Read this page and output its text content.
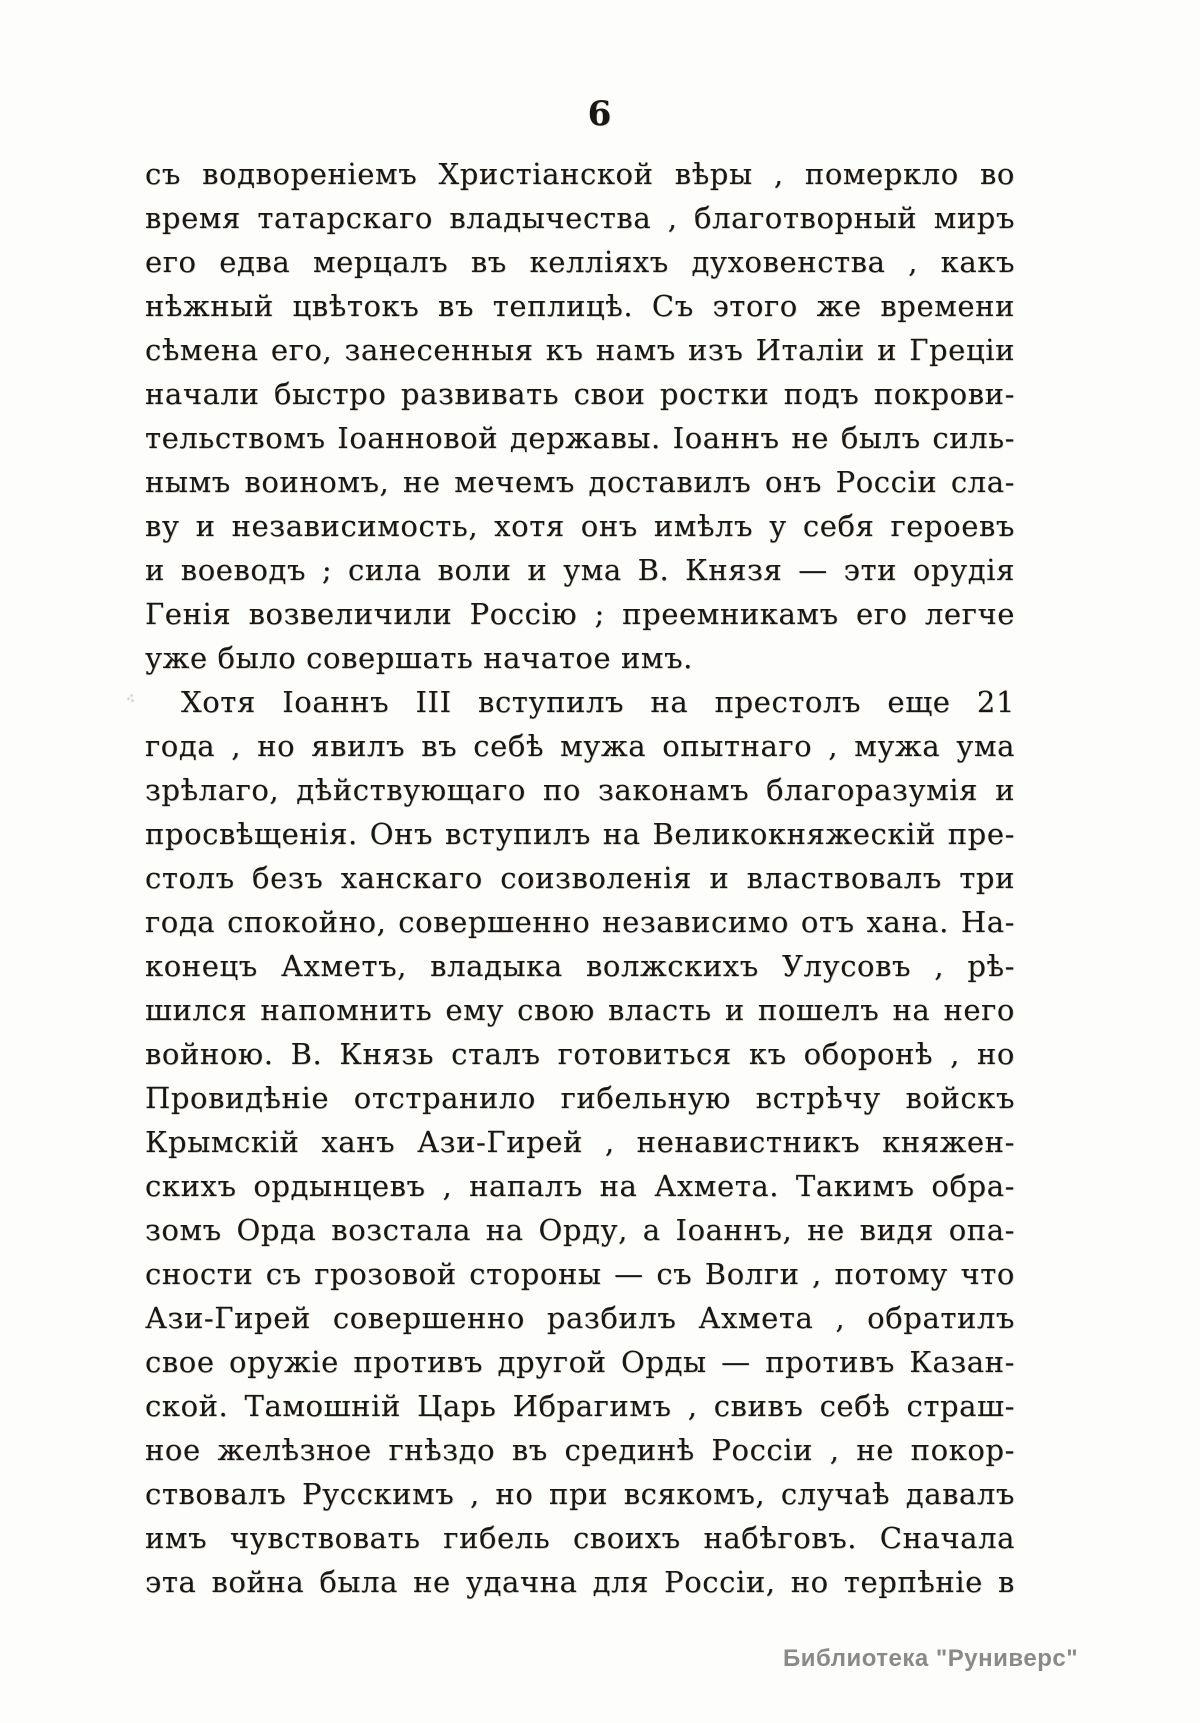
6
⁖
съ водвореніемъ Христіанской вѣры , померкло во
время татарскаго владычества , благотворный миръ
его едва мерцалъ въ келліяхъ духовенства , какъ
нѣжный цвѣтокъ въ теплицѣ. Съ этого же времени
сѣмена его, занесенныя къ намъ изъ Италіи и Греціи
начали быстро развивать свои ростки подъ покрови-
тельствомъ Іоанновой державы. Іоаннъ не былъ силь-
нымъ воиномъ, не мечемъ доставилъ онъ Россіи сла-
ву и независимость, хотя онъ имѣлъ у себя героевъ
и воеводъ ; сила воли и ума В. Князя — эти орудія
Генія возвеличили Россію ; преемникамъ его легче
уже было совершать начатое имъ.
Хотя Іоаннъ III вступилъ на престолъ еще 21
года , но явилъ въ себѣ мужа опытнаго , мужа ума
зрѣлаго, дѣйствующаго по законамъ благоразумія и
просвѣщенія. Онъ вступилъ на Великокняжескій пре-
столъ безъ ханскаго соизволенія и властвовалъ три
года спокойно, совершенно независимо отъ хана. На-
конецъ Ахметъ, владыка волжскихъ Улусовъ , рѣ-
шился напомнить ему свою власть и пошелъ на него
войною. В. Князь сталъ готовиться къ оборонѣ , но
Провидѣніе отстранило гибельную встрѣчу войскъ
Крымскій ханъ Ази-Гирей , ненавистникъ княжен-
скихъ ордынцевъ , напалъ на Ахмета. Такимъ обра-
зомъ Орда возстала на Орду, а Іоаннъ, не видя опа-
сности съ грозовой стороны — съ Волги , потому что
Ази-Гирей совершенно разбилъ Ахмета , обратилъ
свое оружіе противъ другой Орды — противъ Казан-
ской. Тамошній Царь Ибрагимъ , свивъ себѣ страш-
ное желѣзное гнѣздо въ срединѣ Россіи , не покор-
ствовалъ Русскимъ , но при всякомъ, случаѣ давалъ
имъ чувствовать гибель своихъ набѣговъ. Сначала
эта война была не удачна для Россіи, но терпѣніе в
Библиотека "Руниверс"
